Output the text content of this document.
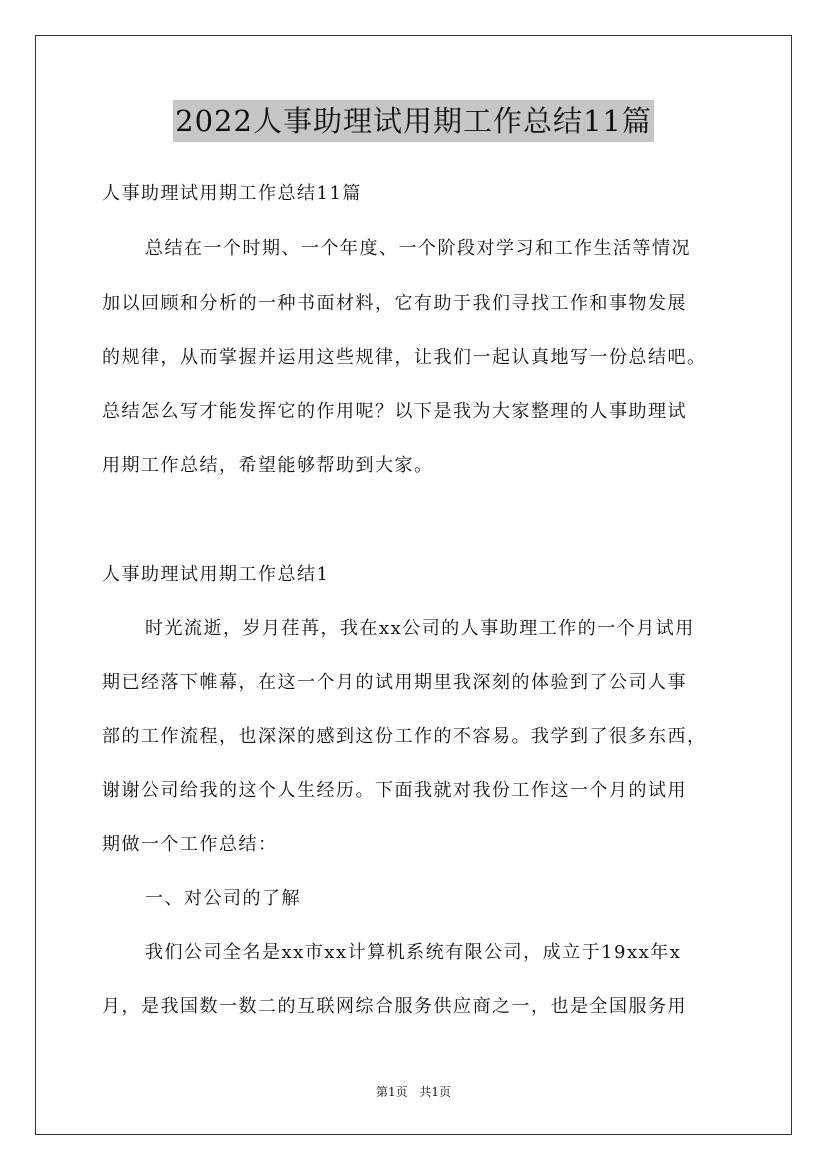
2022人事助理试用期工作总结11篇
人事助理试用期工作总结11篇
总结在一个时期、一个年度、一个阶段对学习和工作生活等情况
加以回顾和分析的一种书面材料，它有助于我们寻找工作和事物发展
的规律，从而掌握并运用这些规律，让我们一起认真地写一份总结吧。
总结怎么写才能发挥它的作用呢？以下是我为大家整理的人事助理试
用期工作总结，希望能够帮助到大家。
人事助理试用期工作总结1
时光流逝，岁月荏苒，我在xx公司的人事助理工作的一个月试用
期已经落下帷幕，在这一个月的试用期里我深刻的体验到了公司人事
部的工作流程，也深深的感到这份工作的不容易。我学到了很多东西，
谢谢公司给我的这个人生经历。下面我就对我份工作这一个月的试用
期做一个工作总结：
一、对公司的了解
我们公司全名是xx市xx计算机系统有限公司，成立于19xx年x
月，是我国数一数二的互联网综合服务供应商之一，也是全国服务用
第1页 共1页
